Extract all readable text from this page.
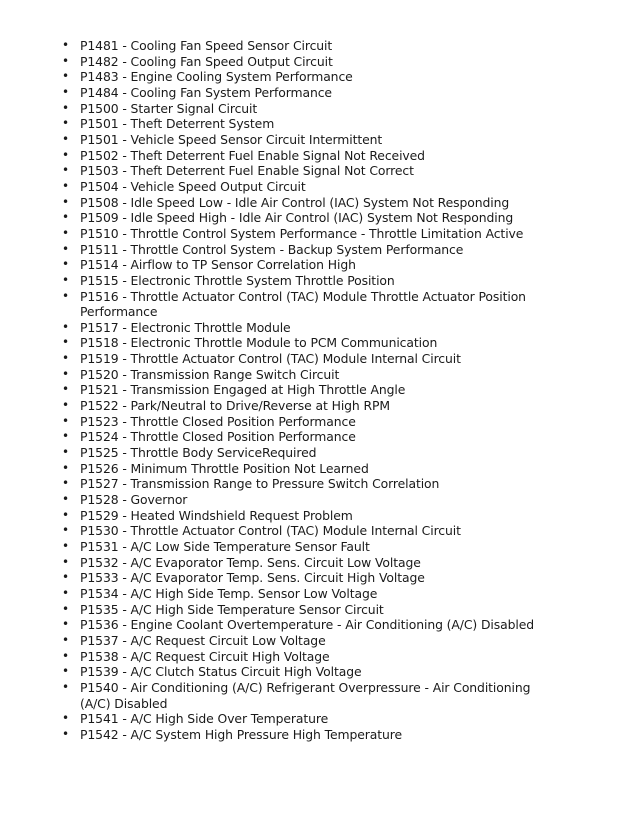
• P1481 - Cooling Fan Speed Sensor Circuit
• P1482 - Cooling Fan Speed Output Circuit
• P1483 - Engine Cooling System Performance
• P1484 - Cooling Fan System Performance
• P1500 - Starter Signal Circuit
• P1501 - Theft Deterrent System
• P1501 - Vehicle Speed Sensor Circuit Intermittent
• P1502 - Theft Deterrent Fuel Enable Signal Not Received
• P1503 - Theft Deterrent Fuel Enable Signal Not Correct
• P1504 - Vehicle Speed Output Circuit
• P1508 - Idle Speed Low - Idle Air Control (IAC) System Not Responding
• P1509 - Idle Speed High - Idle Air Control (IAC) System Not Responding
• P1510 - Throttle Control System Performance - Throttle Limitation Active
• P1511 - Throttle Control System - Backup System Performance
• P1514 - Airflow to TP Sensor Correlation High
• P1515 - Electronic Throttle System Throttle Position
• P1516 - Throttle Actuator Control (TAC) Module Throttle Actuator Position Performance
• P1517 - Electronic Throttle Module
• P1518 - Electronic Throttle Module to PCM Communication
• P1519 - Throttle Actuator Control (TAC) Module Internal Circuit
• P1520 - Transmission Range Switch Circuit
• P1521 - Transmission Engaged at High Throttle Angle
• P1522 - Park/Neutral to Drive/Reverse at High RPM
• P1523 - Throttle Closed Position Performance
• P1524 - Throttle Closed Position Performance
• P1525 - Throttle Body ServiceRequired
• P1526 - Minimum Throttle Position Not Learned
• P1527 - Transmission Range to Pressure Switch Correlation
• P1528 - Governor
• P1529 - Heated Windshield Request Problem
• P1530 - Throttle Actuator Control (TAC) Module Internal Circuit
• P1531 - A/C Low Side Temperature Sensor Fault
• P1532 - A/C Evaporator Temp. Sens. Circuit Low Voltage
• P1533 - A/C Evaporator Temp. Sens. Circuit High Voltage
• P1534 - A/C High Side Temp. Sensor Low Voltage
• P1535 - A/C High Side Temperature Sensor Circuit
• P1536 - Engine Coolant Overtemperature - Air Conditioning (A/C) Disabled
• P1537 - A/C Request Circuit Low Voltage
• P1538 - A/C Request Circuit High Voltage
• P1539 - A/C Clutch Status Circuit High Voltage
• P1540 - Air Conditioning (A/C) Refrigerant Overpressure - Air Conditioning (A/C) Disabled
• P1541 - A/C High Side Over Temperature
• P1542 - A/C System High Pressure High Temperature
